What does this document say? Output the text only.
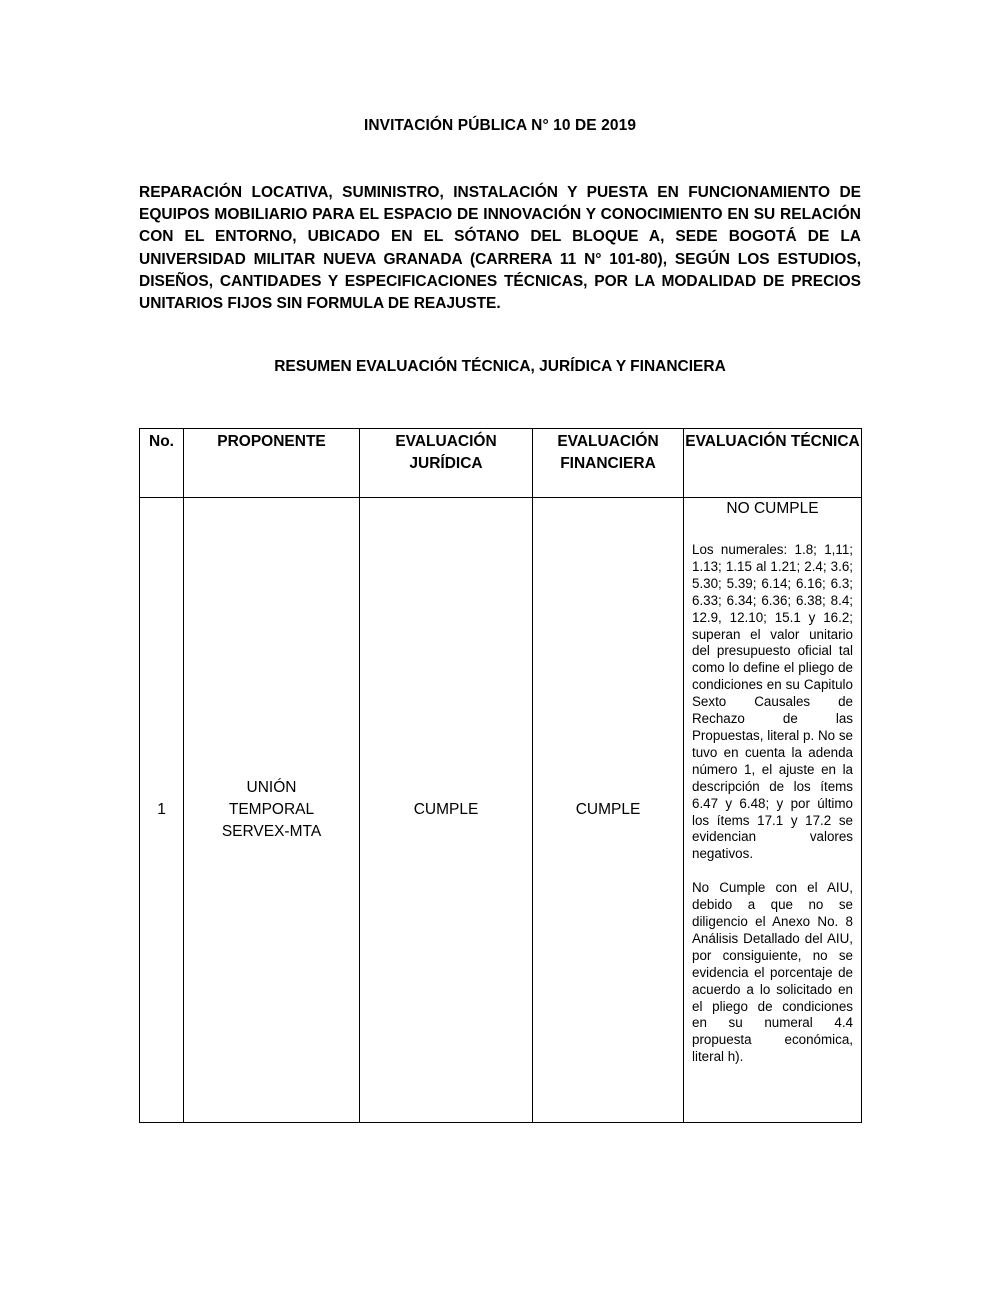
INVITACIÓN PÚBLICA N° 10 DE 2019
REPARACIÓN LOCATIVA, SUMINISTRO, INSTALACIÓN Y PUESTA EN FUNCIONAMIENTO DE EQUIPOS MOBILIARIO PARA EL ESPACIO DE INNOVACIÓN Y CONOCIMIENTO EN SU RELACIÓN CON EL ENTORNO, UBICADO EN EL SÓTANO DEL BLOQUE A, SEDE BOGOTÁ DE LA UNIVERSIDAD MILITAR NUEVA GRANADA (CARRERA 11 N° 101-80), SEGÚN LOS ESTUDIOS, DISEÑOS, CANTIDADES Y ESPECIFICACIONES TÉCNICAS, POR LA MODALIDAD DE PRECIOS UNITARIOS FIJOS SIN FORMULA DE REAJUSTE.
RESUMEN EVALUACIÓN TÉCNICA, JURÍDICA Y FINANCIERA
No.	PROPONENTE	EVALUACIÓN JURÍDICA	EVALUACIÓN FINANCIERA	EVALUACIÓN TÉCNICA
1	UNIÓN TEMPORAL SERVEX-MTA	CUMPLE	CUMPLE	NO CUMPLE

Los numerales: 1.8; 1,11; 1.13; 1.15 al 1.21; 2.4; 3.6; 5.30; 5.39; 6.14; 6.16; 6.3; 6.33; 6.34; 6.36; 6.38; 8.4; 12.9, 12.10; 15.1 y 16.2; superan el valor unitario del presupuesto oficial tal como lo define el pliego de condiciones en su Capitulo Sexto Causales de Rechazo de las Propuestas, literal p. No se tuvo en cuenta la adenda número 1, el ajuste en la descripción de los ítems 6.47 y 6.48; y por último los ítems 17.1 y 17.2 se evidencian valores negativos.

No Cumple con el AIU, debido a que no se diligencio el Anexo No. 8 Análisis Detallado del AIU, por consiguiente, no se evidencia el porcentaje de acuerdo a lo solicitado en el pliego de condiciones en su numeral 4.4 propuesta económica, literal h).
